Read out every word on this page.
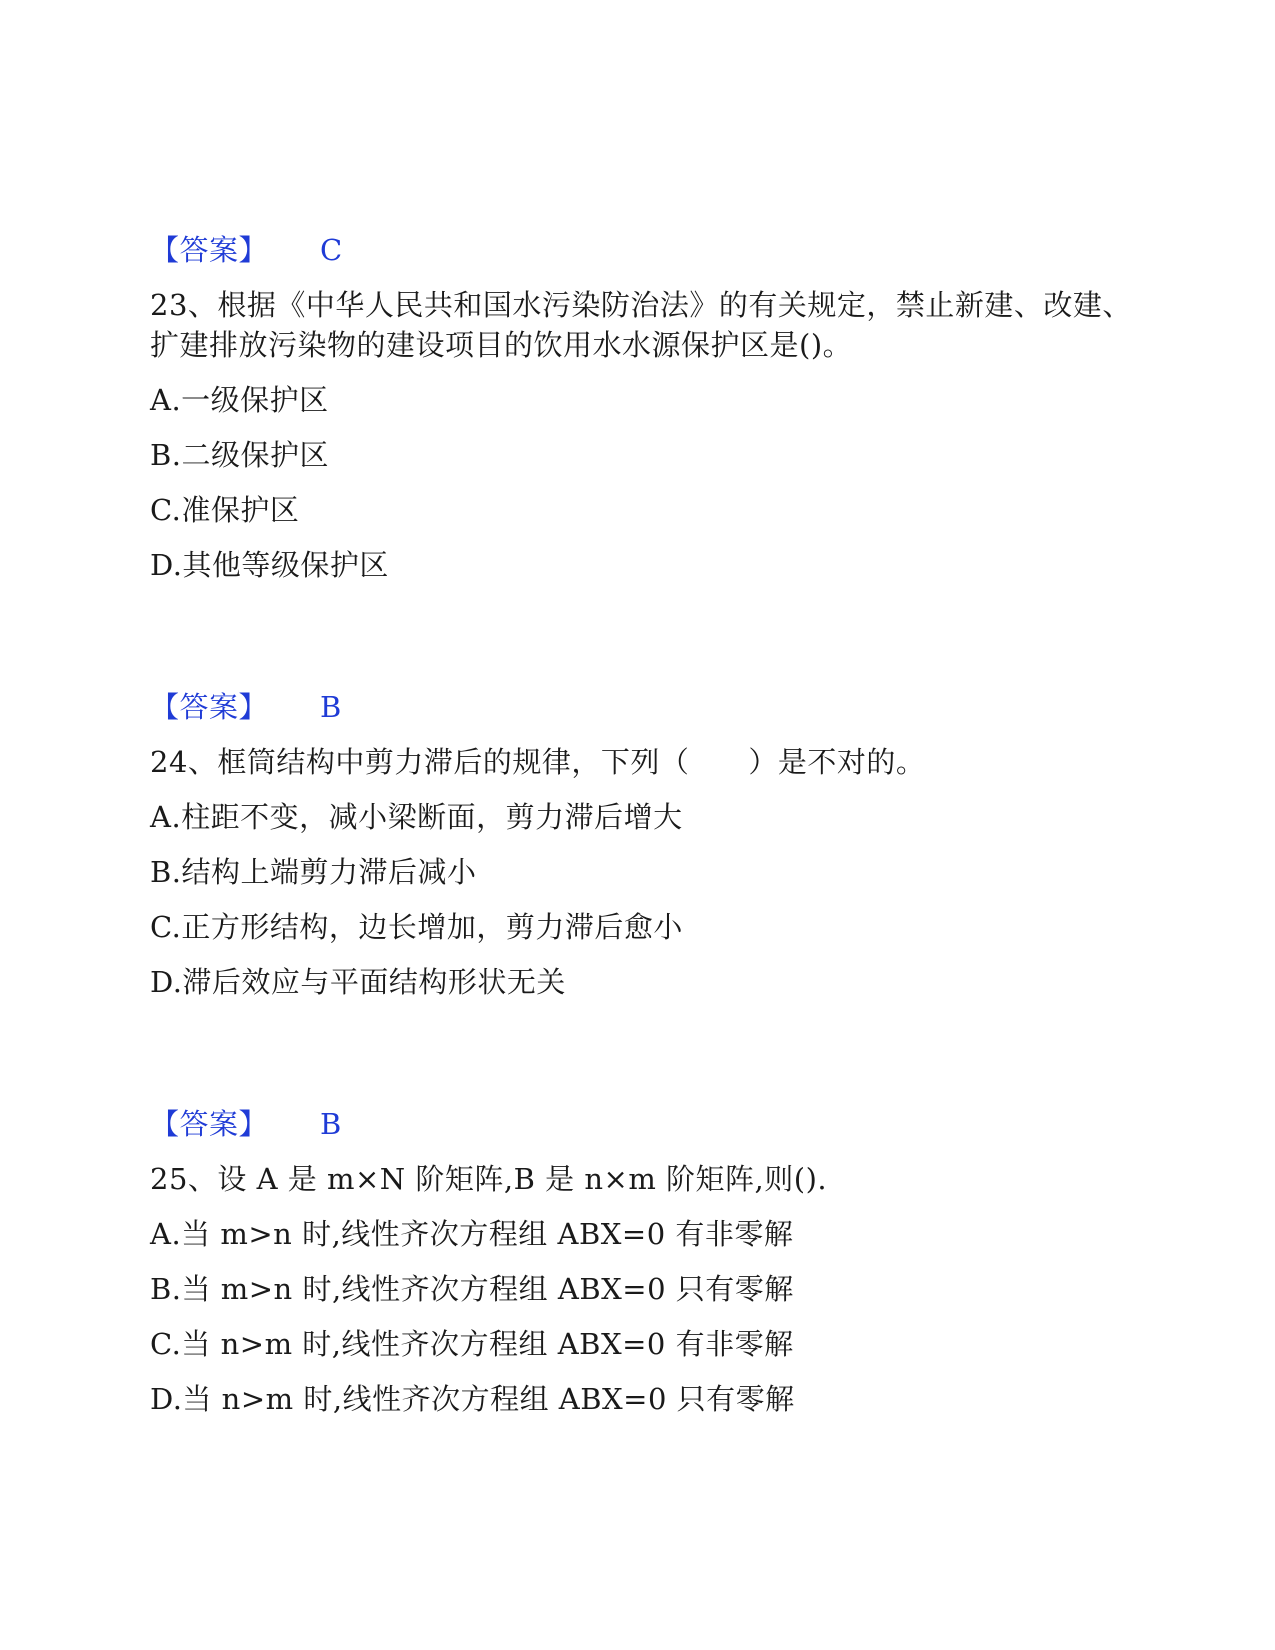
【答案】 C
23、根据《中华人民共和国水污染防治法》的有关规定，禁止新建、改建、
扩建排放污染物的建设项目的饮用水水源保护区是()。
A.一级保护区
B.二级保护区
C.准保护区
D.其他等级保护区
【答案】 B
24、框筒结构中剪力滞后的规律，下列（　　）是不对的。
A.柱距不变，减小梁断面，剪力滞后增大
B.结构上端剪力滞后减小
C.正方形结构，边长增加，剪力滞后愈小
D.滞后效应与平面结构形状无关
【答案】 B
25、设 A 是 m×N 阶矩阵,B 是 n×m 阶矩阵,则().
A.当 m>n 时,线性齐次方程组 ABX=0 有非零解
B.当 m>n 时,线性齐次方程组 ABX=0 只有零解
C.当 n>m 时,线性齐次方程组 ABX=0 有非零解
D.当 n>m 时,线性齐次方程组 ABX=0 只有零解
